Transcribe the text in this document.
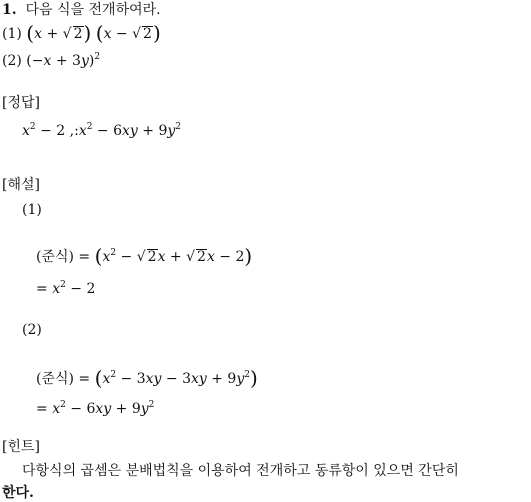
1. 다음 식을 전개하여라.
(1) (x + √ 2) (x − √ 2)
(2) $(-x + 3y)^2$
[정답]
$x^2 - 2$ $,:x^2 - 6xy + 9y^2$
[해설]
(1)
(준식) = ($x^2$ − √ 2x + √ 2x − 2)
= $x^2 - 2$
(2)
(준식) = $(x^2 - 3xy - 3xy + 9y^2)$
= $x^2 - 6xy + 9y^2$
[힌트]
다항식의 곱셈은 분배법칙을 이용하여 전개하고 동류항이 있으면 간단히
한다.
